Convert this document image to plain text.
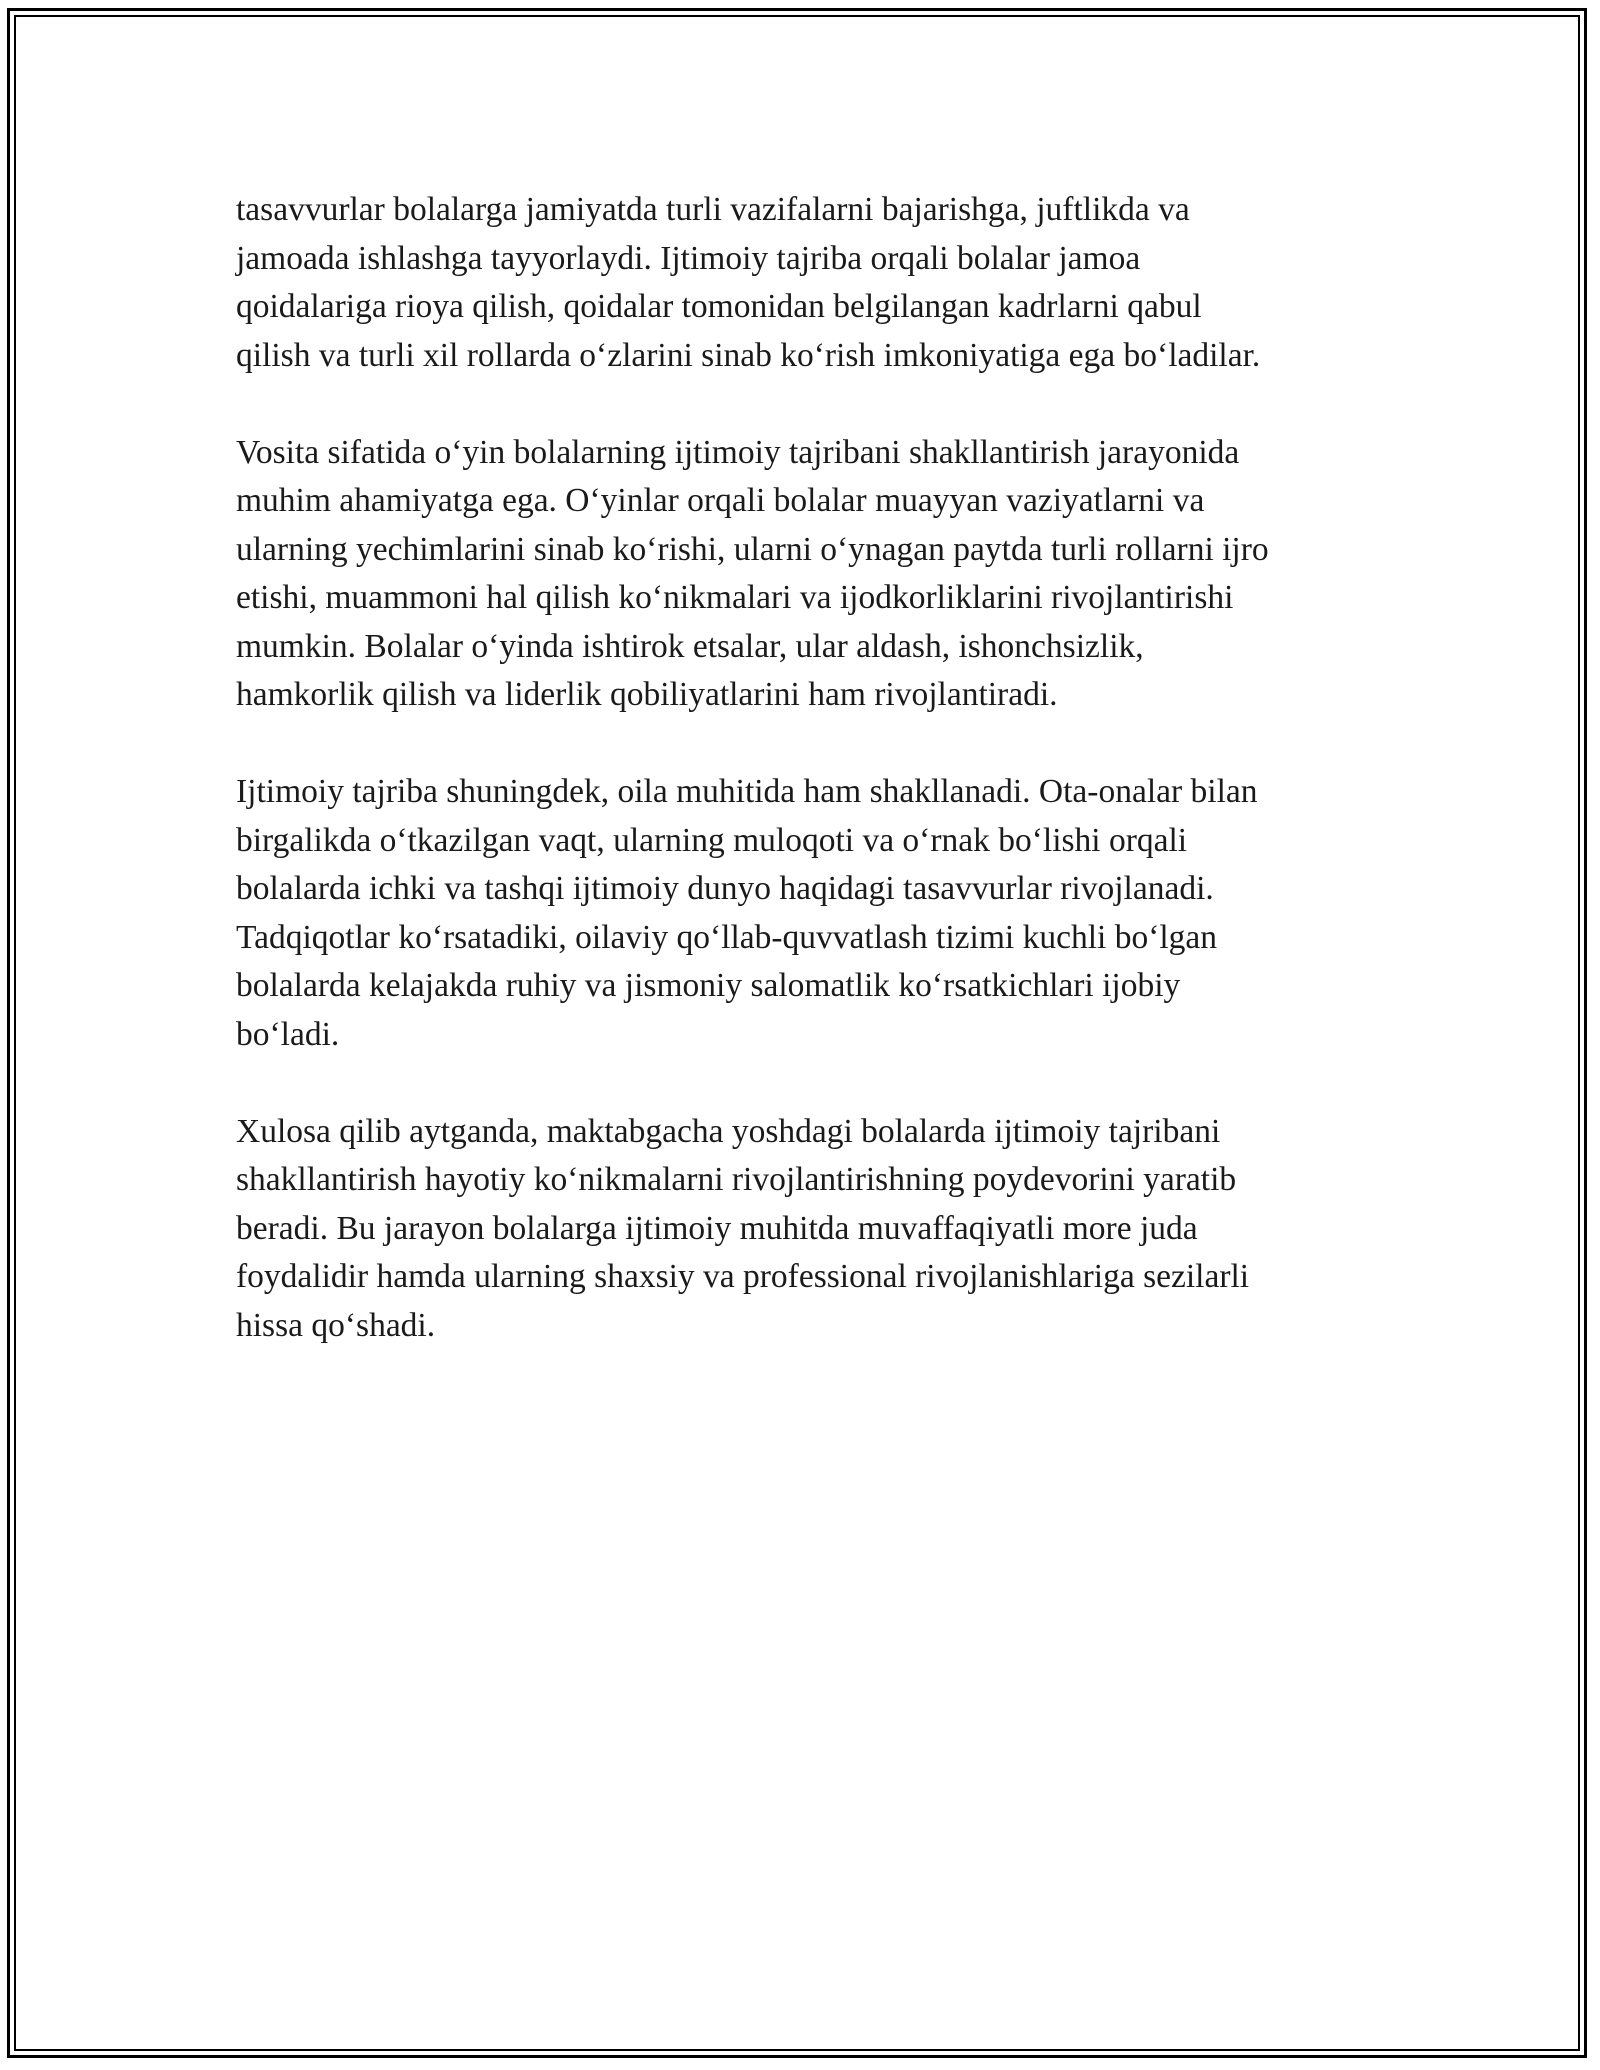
tasavvurlar bolalarga jamiyatda turli vazifalarni bajarishga, juftlikda va
jamoada ishlashga tayyorlaydi. Ijtimoiy tajriba orqali bolalar jamoa
qoidalariga rioya qilish, qoidalar tomonidan belgilangan kadrlarni qabul
qilish va turli xil rollarda oʻzlarini sinab koʻrish imkoniyatiga ega boʻladilar.

Vosita sifatida oʻyin bolalarning ijtimoiy tajribani shakllantirish jarayonida
muhim ahamiyatga ega. Oʻyinlar orqali bolalar muayyan vaziyatlarni va
ularning yechimlarini sinab koʻrishi, ularni oʻynagan paytda turli rollarni ijro
etishi, muammoni hal qilish koʻnikmalari va ijodkorliklarini rivojlantirishi
mumkin. Bolalar oʻyinda ishtirok etsalar, ular aldash, ishonchsizlik,
hamkorlik qilish va liderlik qobiliyatlarini ham rivojlantiradi.

Ijtimoiy tajriba shuningdek, oila muhitida ham shakllanadi. Ota-onalar bilan
birgalikda oʻtkazilgan vaqt, ularning muloqoti va oʻrnak boʻlishi orqali
bolalarda ichki va tashqi ijtimoiy dunyo haqidagi tasavvurlar rivojlanadi.
Tadqiqotlar koʻrsatadiki, oilaviy qoʻllab-quvvatlash tizimi kuchli boʻlgan
bolalarda kelajakda ruhiy va jismoniy salomatlik koʻrsatkichlari ijobiy
boʻladi.

Xulosa qilib aytganda, maktabgacha yoshdagi bolalarda ijtimoiy tajribani
shakllantirish hayotiy koʻnikmalarni rivojlantirishning poydevorini yaratib
beradi. Bu jarayon bolalarga ijtimoiy muhitda muvaffaqiyatli more juda
foydalidir hamda ularning shaxsiy va professional rivojlanishlariga sezilarli
hissa qoʻshadi.
